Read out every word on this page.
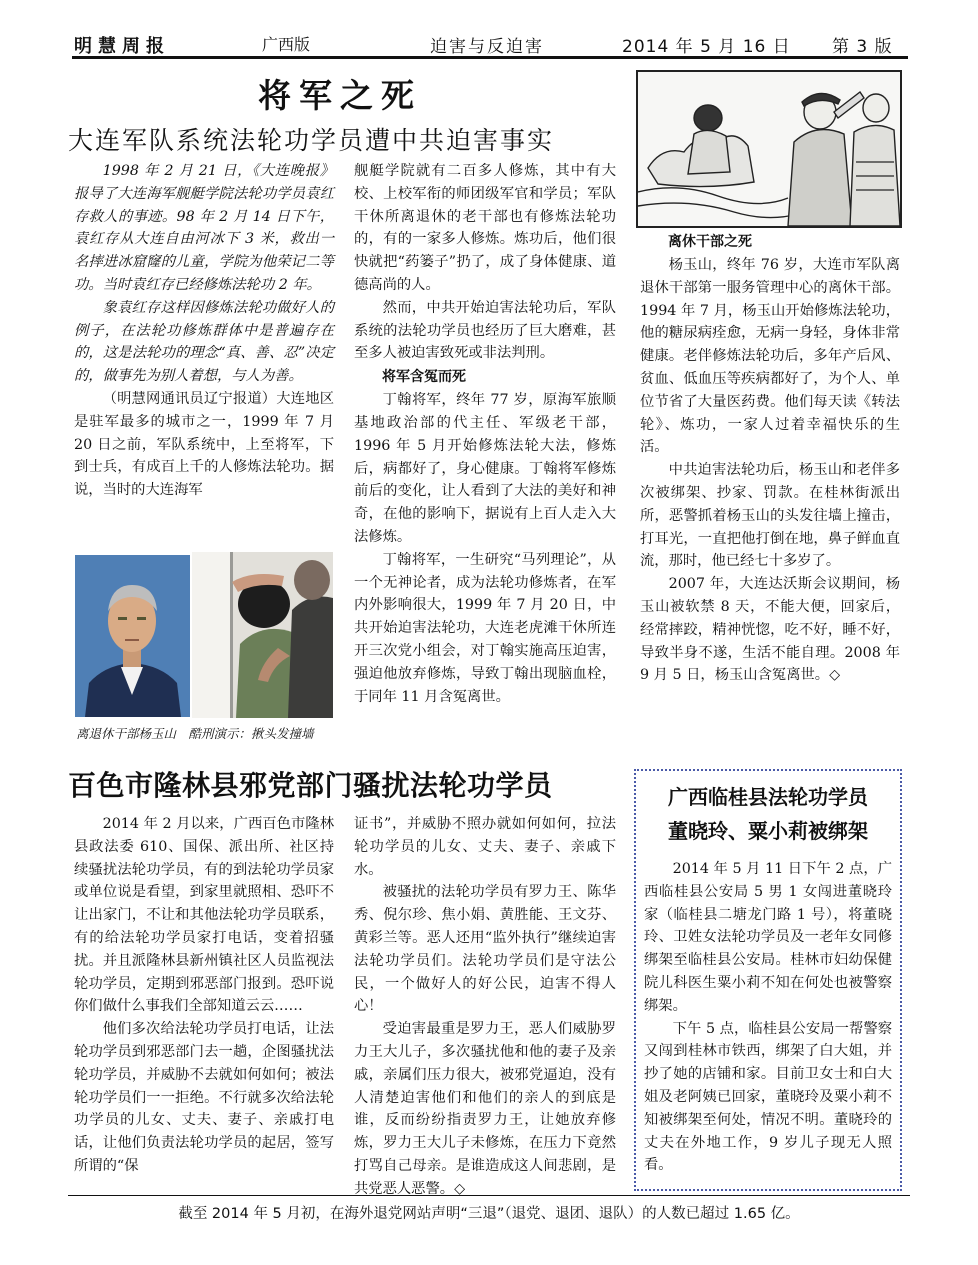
明慧周报	广西版	迫害与反迫害	2014 年 5 月 16 日 第 3 版
将军之死
大连军队系统法轮功学员遭中共迫害事实

1998 年 2 月 21 日，《大连晚报》报导了大连海军舰艇学院法轮功学员袁红存救人的事迹。98 年 2 月 14 日下午，袁红存从大连自由河冰下 3 米，救出一名摔进冰窟窿的儿童，学院为他荣记二等功。当时袁红存已经修炼法轮功 2 年。

象袁红存这样因修炼法轮功做好人的例子，在法轮功修炼群体中是普遍存在的，这是法轮功的理念“真、善、忍”决定的，做事先为别人着想，与人为善。

（明慧网通讯员辽宁报道）大连地区是驻军最多的城市之一，1999 年 7 月 20 日之前，军队系统中，上至将军，下到士兵，有成百上千的人修炼法轮功。据说，当时的大连海军

离退休干部杨玉山　酷刑演示：揪头发撞墙

舰艇学院就有二百多人修炼，其中有大校、上校军衔的师团级军官和学员；军队干休所离退休的老干部也有修炼法轮功的，有的一家多人修炼。炼功后，他们很快就把“药篓子”扔了，成了身体健康、道德高尚的人。

然而，中共开始迫害法轮功后，军队系统的法轮功学员也经历了巨大磨难，甚至多人被迫害致死或非法判刑。

将军含冤而死

丁翰将军，终年 77 岁，原海军旅顺基地政治部的代主任、军级老干部，1996 年 5 月开始修炼法轮大法，修炼后，病都好了，身心健康。丁翰将军修炼前后的变化，让人看到了大法的美好和神奇，在他的影响下，据说有上百人走入大法修炼。

丁翰将军，一生研究“马列理论”，从一个无神论者，成为法轮功修炼者，在军内外影响很大，1999 年 7 月 20 日，中共开始迫害法轮功，大连老虎滩干休所连开三次党小组会，对丁翰实施高压迫害，强迫他放弃修炼，导致丁翰出现脑血栓，于同年 11 月含冤离世。

离休干部之死

杨玉山，终年 76 岁，大连市军队离退休干部第一服务管理中心的离休干部。1994 年 7 月，杨玉山开始修炼法轮功，他的糖尿病痊愈，无病一身轻，身体非常健康。老伴修炼法轮功后，多年产后风、贫血、低血压等疾病都好了，为个人、单位节省了大量医药费。他们每天读《转法轮》、炼功，一家人过着幸福快乐的生活。

中共迫害法轮功后，杨玉山和老伴多次被绑架、抄家、罚款。在桂林街派出所，恶警抓着杨玉山的头发往墙上撞击，打耳光，一直把他打倒在地，鼻子鲜血直流，那时，他已经七十多岁了。

2007 年，大连达沃斯会议期间，杨玉山被软禁 8 天，不能大便，回家后，经常摔跤，精神恍惚，吃不好，睡不好，导致半身不遂，生活不能自理。2008 年 9 月 5 日，杨玉山含冤离世。◇

百色市隆林县邪党部门骚扰法轮功学员

2014 年 2 月以来，广西百色市隆林县政法委 610、国保、派出所、社区持续骚扰法轮功学员，有的到法轮功学员家或单位说是看望，到家里就照相、恐吓不让出家门，不让和其他法轮功学员联系，有的给法轮功学员家打电话，变着招骚扰。并且派隆林县新州镇社区人员监视法轮功学员，定期到邪恶部门报到。恐吓说你们做什么事我们全部知道云云……

他们多次给法轮功学员打电话，让法轮功学员到邪恶部门去一趟，企图骚扰法轮功学员，并威胁不去就如何如何；被法轮功学员们一一拒绝。不行就多次给法轮功学员的儿女、丈夫、妻子、亲戚打电话，让他们负责法轮功学员的起居，签写所谓的“保

证书”，并威胁不照办就如何如何，拉法轮功学员的儿女、丈夫、妻子、亲戚下水。

被骚扰的法轮功学员有罗力王、陈华秀、倪尔珍、焦小娟、黄胜能、王文芬、黄彩兰等。恶人还用“监外执行”继续迫害法轮功学员们。法轮功学员们是守法公民，一个做好人的好公民，迫害不得人心！

受迫害最重是罗力王，恶人们威胁罗力王大儿子，多次骚扰他和他的妻子及亲戚，亲属们压力很大，被邪党逼迫，没有人清楚迫害他们和他们的亲人的到底是谁，反而纷纷指责罗力王，让她放弃修炼，罗力王大儿子未修炼，在压力下竟然打骂自己母亲。是谁造成这人间悲剧，是共党恶人恶警。◇

广西临桂县法轮功学员
董晓玲、粟小莉被绑架

2014 年 5 月 11 日下午 2 点，广西临桂县公安局 5 男 1 女闯进董晓玲家（临桂县二塘龙门路 1 号），将董晓玲、卫姓女法轮功学员及一老年女同修绑架至临桂县公安局。桂林市妇幼保健院儿科医生粟小莉不知在何处也被警察绑架。

下午 5 点，临桂县公安局一帮警察又闯到桂林市铁西，绑架了白大姐，并抄了她的店铺和家。目前卫女士和白大姐及老阿姨已回家，董晓玲及粟小莉不知被绑架至何处，情况不明。董晓玲的丈夫在外地工作，9 岁儿子现无人照看。

截至 2014 年 5 月初，在海外退党网站声明“三退”（退党、退团、退队）的人数已超过 1.65 亿。
